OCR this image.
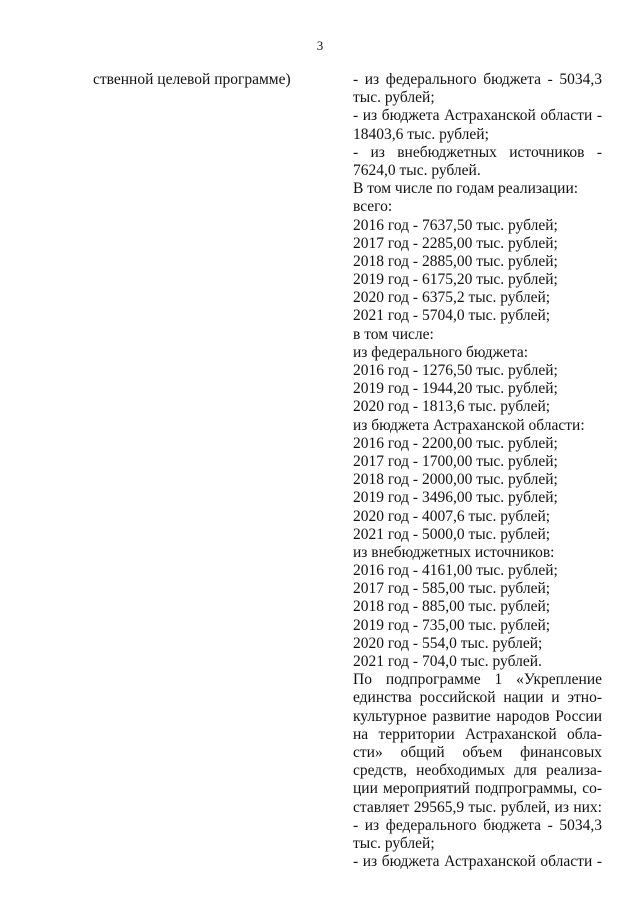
3
ственной целевой программе)	- из федерального бюджета - 5034,3
тыс. рублей;
- из бюджета Астраханской области -
18403,6 тыс. рублей;
- из внебюджетных источников -
7624,0 тыс. рублей.
В том числе по годам реализации:
всего:
2016 год - 7637,50 тыс. рублей;
2017 год - 2285,00 тыс. рублей;
2018 год - 2885,00 тыс. рублей;
2019 год - 6175,20 тыс. рублей;
2020 год - 6375,2 тыс. рублей;
2021 год - 5704,0 тыс. рублей;
в том числе:
из федерального бюджета:
2016 год - 1276,50 тыс. рублей;
2019 год - 1944,20 тыс. рублей;
2020 год - 1813,6 тыс. рублей;
из бюджета Астраханской области:
2016 год - 2200,00 тыс. рублей;
2017 год - 1700,00 тыс. рублей;
2018 год - 2000,00 тыс. рублей;
2019 год - 3496,00 тыс. рублей;
2020 год - 4007,6 тыс. рублей;
2021 год - 5000,0 тыс. рублей;
из внебюджетных источников:
2016 год - 4161,00 тыс. рублей;
2017 год - 585,00 тыс. рублей;
2018 год - 885,00 тыс. рублей;
2019 год - 735,00 тыс. рублей;
2020 год - 554,0 тыс. рублей;
2021 год - 704,0 тыс. рублей.
По подпрограмме 1 «Укрепление
единства российской нации и этно-
культурное развитие народов России
на территории Астраханской обла-
сти» общий объем финансовых
средств, необходимых для реализа-
ции мероприятий подпрограммы, со-
ставляет 29565,9 тыс. рублей, из них:
- из федерального бюджета - 5034,3
тыс. рублей;
- из бюджета Астраханской области -
